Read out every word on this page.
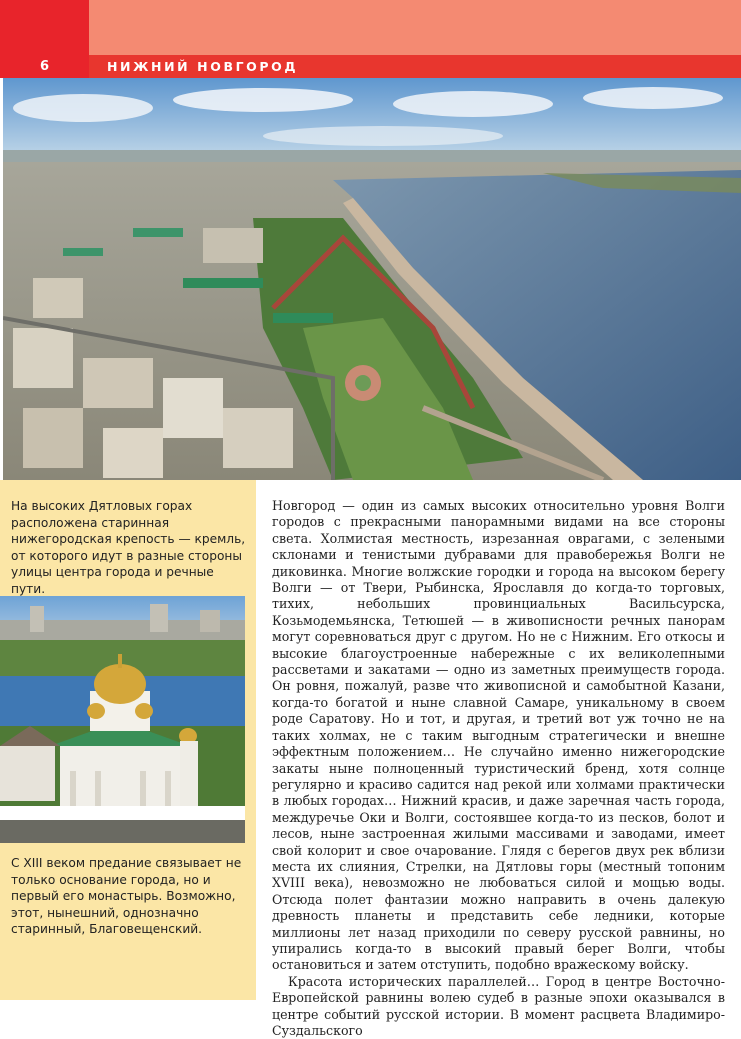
6	НИЖНИЙ НОВГОРОД

На высоких Дятловых горах расположена старинная нижегородская крепость — кремль, от которого идут в разные стороны улицы центра города и речные пути.

С XIII веком предание связывает не только основание города, но и первый его монастырь. Возможно, этот, нынешний, однозначно старинный, Благовещенский.

Новгород — один из самых высоких относительно уровня Волги городов с прекрасными панорамными видами на все стороны света. Холмистая местность, изрезанная оврагами, с зелеными склонами и тенистыми дубравами для правобережья Волги не диковинка. Многие волжские городки и города на высоком берегу Волги — от Твери, Рыбинска, Ярославля до когда-то торговых, тихих, небольших провинциальных Васильсурска, Козьмодемьянска, Тетюшей — в живописности речных панорам могут соревноваться друг с другом. Но не с Нижним. Его откосы и высокие благоустроенные набережные с их великолепными рассветами и закатами — одно из заметных преимуществ города. Он ровня, пожалуй, разве что живописной и самобытной Казани, когда-то богатой и ныне славной Самаре, уникальному в своем роде Саратову. Но и тот, и другая, и третий вот уж точно не на таких холмах, не с таким выгодным стратегически и внешне эффектным положением… Не случайно именно нижегородские закаты ныне полноценный туристический бренд, хотя солнце регулярно и красиво садится над рекой или холмами практически в любых городах… Нижний красив, и даже заречная часть города, междуречье Оки и Волги, состоявшее когда-то из песков, болот и лесов, ныне застроенная жилыми массивами и заводами, имеет свой колорит и свое очарование. Глядя с берегов двух рек вблизи места их слияния, Стрелки, на Дятловы горы (местный топоним XVIII века), невозможно не любоваться силой и мощью воды. Отсюда полет фантазии можно направить в очень далекую древность планеты и представить себе ледники, которые миллионы лет назад приходили по северу русской равнины, но упирались когда-то в высокий правый берег Волги, чтобы остановиться и затем отступить, подобно вражескому войску.

Красота исторических параллелей… Город в центре Восточно-Европейской равнины волею судеб в разные эпохи оказывался в центре событий русской истории. В момент расцвета Владимиро-Суздальского
